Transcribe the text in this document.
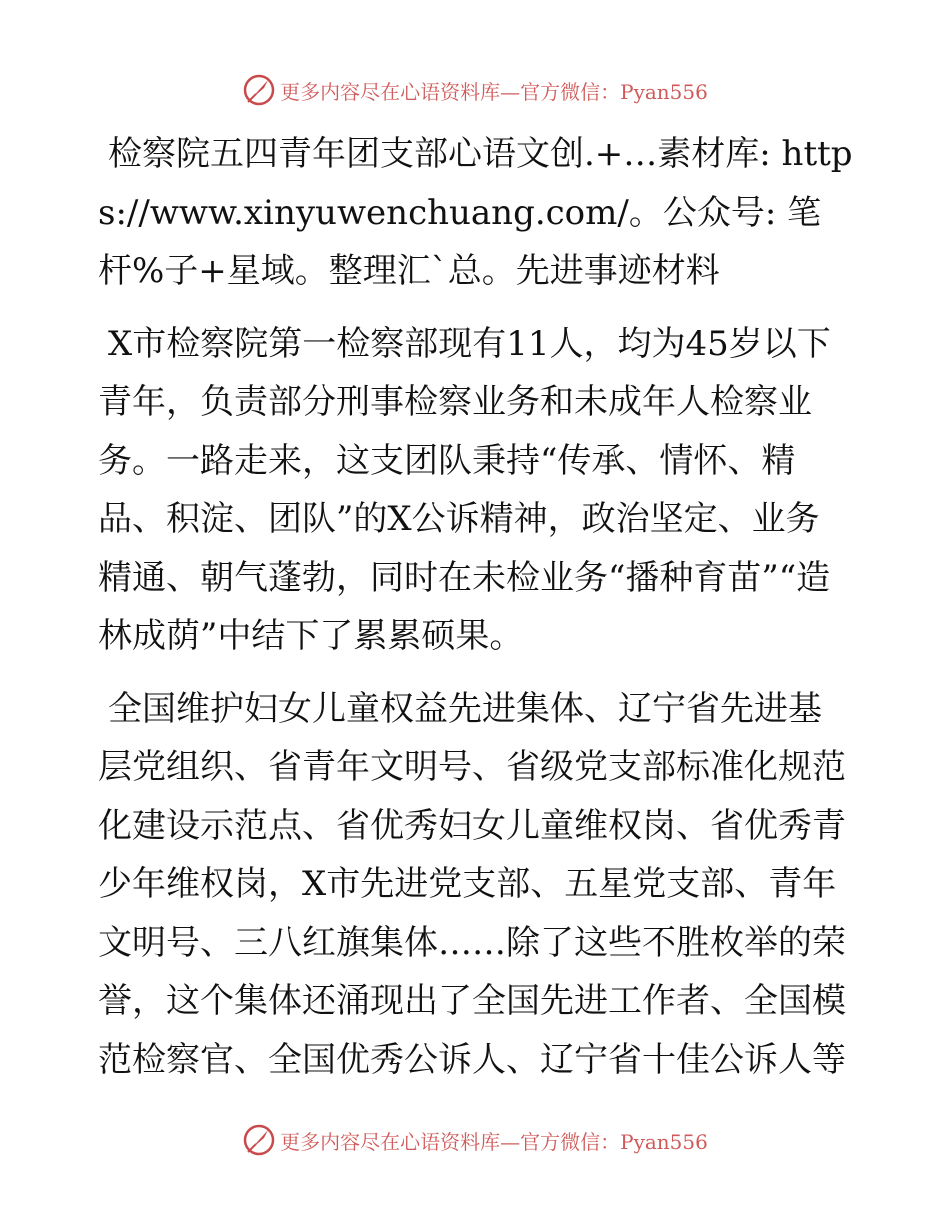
更多内容尽在心语资料库—官方微信：Pyan556

检察院五四青年团支部心语文创.+…素材库: https://www.xinyuwenchuang.com/。公众号: 笔杆%子+星域。整理汇`总。先进事迹材料

X市检察院第一检察部现有11人，均为45岁以下青年，负责部分刑事检察业务和未成年人检察业务。一路走来，这支团队秉持“传承、情怀、精品、积淀、团队”的X公诉精神，政治坚定、业务精通、朝气蓬勃，同时在未检业务“播种育苗”“造林成荫”中结下了累累硕果。

全国维护妇女儿童权益先进集体、辽宁省先进基层党组织、省青年文明号、省级党支部标准化规范化建设示范点、省优秀妇女儿童维权岗、省优秀青少年维权岗，X市先进党支部、五星党支部、青年文明号、三八红旗集体……除了这些不胜枚举的荣誉，这个集体还涌现出了全国先进工作者、全国模范检察官、全国优秀公诉人、辽宁省十佳公诉人等

更多内容尽在心语资料库—官方微信：Pyan556
